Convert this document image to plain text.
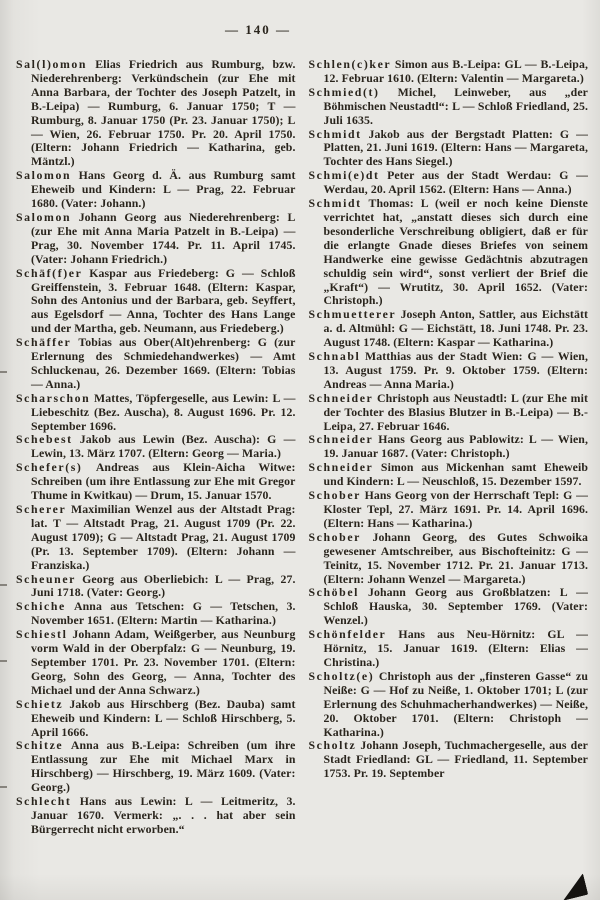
— 140 —

Sal(l)omon Elias Friedrich aus Rumburg, bzw. Niederehrenberg: Verkündschein (zur Ehe mit Anna Barbara, der Tochter des Joseph Patzelt, in B.-Leipa) — Rumburg, 6. Januar 1750; T — Rumburg, 8. Januar 1750 (Pr. 23. Januar 1750); L — Wien, 26. Februar 1750. Pr. 20. April 1750. (Eltern: Johann Friedrich — Katharina, geb. Mäntzl.)

Salomon Hans Georg d. Ä. aus Rumburg samt Eheweib und Kindern: L — Prag, 22. Februar 1680. (Vater: Johann.)

Salomon Johann Georg aus Niederehrenberg: L (zur Ehe mit Anna Maria Patzelt in B.-Leipa) — Prag, 30. November 1744. Pr. 11. April 1745. (Vater: Johann Friedrich.)

Schäf(f)er Kaspar aus Friedeberg: G — Schloß Greiffenstein, 3. Februar 1648. (Eltern: Kaspar, Sohn des Antonius und der Barbara, geb. Seyffert, aus Egelsdorf — Anna, Tochter des Hans Lange und der Martha, geb. Neumann, aus Friedeberg.)

Schäffer Tobias aus Ober(Alt)ehrenberg: G (zur Erlernung des Schmiedehandwerkes) — Amt Schluckenau, 26. Dezember 1669. (Eltern: Tobias — Anna.)

Scharschon Mattes, Töpfergeselle, aus Lewin: L — Liebeschitz (Bez. Auscha), 8. August 1696. Pr. 12. September 1696.

Schebest Jakob aus Lewin (Bez. Auscha): G — Lewin, 13. März 1707. (Eltern: Georg — Maria.)

Schefer(s) Andreas aus Klein-Aicha Witwe: Schreiben (um ihre Entlassung zur Ehe mit Gregor Thume in Kwitkau) — Drum, 15. Januar 1570.

Scherer Maximilian Wenzel aus der Altstadt Prag: lat. T — Altstadt Prag, 21. August 1709 (Pr. 22. August 1709); G — Altstadt Prag, 21. August 1709 (Pr. 13. September 1709). (Eltern: Johann — Franziska.)

Scheuner Georg aus Oberliebich: L — Prag, 27. Juni 1718. (Vater: Georg.)

Schiche Anna aus Tetschen: G — Tetschen, 3. November 1651. (Eltern: Martin — Katharina.)

Schiestl Johann Adam, Weißgerber, aus Neunburg vorm Wald in der Oberpfalz: G — Neunburg, 19. September 1701. Pr. 23. November 1701. (Eltern: Georg, Sohn des Georg, — Anna, Tochter des Michael und der Anna Schwarz.)

Schietz Jakob aus Hirschberg (Bez. Dauba) samt Eheweib und Kindern: L — Schloß Hirschberg, 5. April 1666.

Schitze Anna aus B.-Leipa: Schreiben (um ihre Entlassung zur Ehe mit Michael Marx in Hirschberg) — Hirschberg, 19. März 1609. (Vater: Georg.)

Schlecht Hans aus Lewin: L — Leitmeritz, 3. Januar 1670. Vermerk: „. . . hat aber sein Bürgerrecht nicht erworben.“

Schlen(c)ker Simon aus B.-Leipa: GL — B.-Leipa, 12. Februar 1610. (Eltern: Valentin — Margareta.)

Schmied(t) Michel, Leinweber, aus „der Böhmischen Neustadtl“: L — Schloß Friedland, 25. Juli 1635.

Schmidt Jakob aus der Bergstadt Platten: G — Platten, 21. Juni 1619. (Eltern: Hans — Margareta, Tochter des Hans Siegel.)

Schmi(e)dt Peter aus der Stadt Werdau: G — Werdau, 20. April 1562. (Eltern: Hans — Anna.)

Schmidt Thomas: L (weil er noch keine Dienste verrichtet hat, „anstatt dieses sich durch eine besonderliche Verschreibung obligiert, daß er für die erlangte Gnade dieses Briefes von seinem Handwerke eine gewisse Gedächtnis abzutragen schuldig sein wird“, sonst verliert der Brief die „Kraft“) — Wrutitz, 30. April 1652. (Vater: Christoph.)

Schmuetterer Joseph Anton, Sattler, aus Eichstätt a. d. Altmühl: G — Eichstätt, 18. Juni 1748. Pr. 23. August 1748. (Eltern: Kaspar — Katharina.)

Schnabl Matthias aus der Stadt Wien: G — Wien, 13. August 1759. Pr. 9. Oktober 1759. (Eltern: Andreas — Anna Maria.)

Schneider Christoph aus Neustadtl: L (zur Ehe mit der Tochter des Blasius Blutzer in B.-Leipa) — B.-Leipa, 27. Februar 1646.

Schneider Hans Georg aus Pablowitz: L — Wien, 19. Januar 1687. (Vater: Christoph.)

Schneider Simon aus Mickenhan samt Eheweib und Kindern: L — Neuschloß, 15. Dezember 1597.

Schober Hans Georg von der Herrschaft Tepl: G — Kloster Tepl, 27. März 1691. Pr. 14. April 1696. (Eltern: Hans — Katharina.)

Schober Johann Georg, des Gutes Schwoika gewesener Amtschreiber, aus Bischofteinitz: G — Teinitz, 15. November 1712. Pr. 21. Januar 1713. (Eltern: Johann Wenzel — Margareta.)

Schöbel Johann Georg aus Großblatzen: L — Schloß Hauska, 30. September 1769. (Vater: Wenzel.)

Schönfelder Hans aus Neu-Hörnitz: GL — Hörnitz, 15. Januar 1619. (Eltern: Elias — Christina.)

Scholtz(e) Christoph aus der „finsteren Gasse“ zu Neiße: G — Hof zu Neiße, 1. Oktober 1701; L (zur Erlernung des Schuhmacherhandwerkes) — Neiße, 20. Oktober 1701. (Eltern: Christoph — Katharina.)

Scholtz Johann Joseph, Tuchmachergeselle, aus der Stadt Friedland: GL — Friedland, 11. September 1753. Pr. 19. September
